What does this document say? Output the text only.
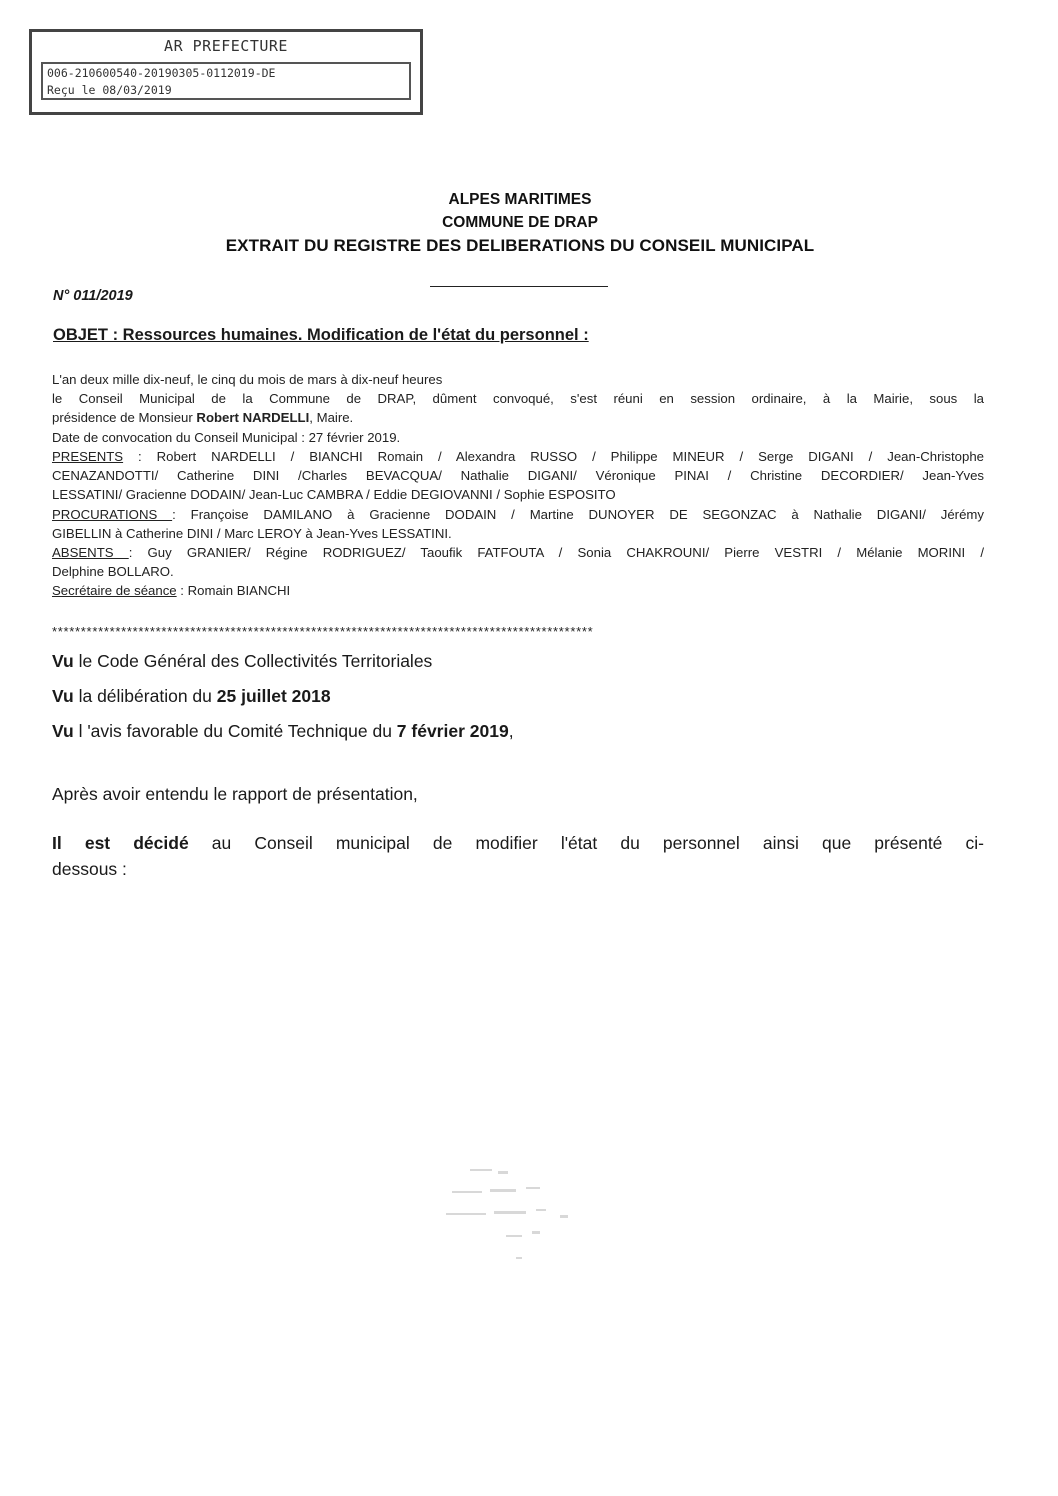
AR PREFECTURE
006-210600540-20190305-0112019-DE
Reçu le 08/03/2019
ALPES MARITIMES
COMMUNE DE DRAP
EXTRAIT DU REGISTRE DES DELIBERATIONS DU CONSEIL MUNICIPAL
N° 011/2019
OBJET : Ressources humaines. Modification de l'état du personnel :
L'an deux mille dix-neuf, le cinq du mois de mars à dix-neuf heures
le Conseil Municipal de la Commune de DRAP, dûment convoqué, s'est réuni en session ordinaire, à la Mairie, sous la
présidence de Monsieur Robert NARDELLI, Maire.
Date de convocation du Conseil Municipal : 27 février 2019.
PRESENTS : Robert NARDELLI / BIANCHI Romain / Alexandra RUSSO / Philippe MINEUR / Serge DIGANI / Jean-Christophe
CENAZANDOTTI/ Catherine DINI /Charles BEVACQUA/ Nathalie DIGANI/ Véronique PINAI / Christine DECORDIER/ Jean-Yves
LESSATINI/ Gracienne DODAIN/ Jean-Luc CAMBRA / Eddie DEGIOVANNI / Sophie ESPOSITO
PROCURATIONS : Françoise DAMILANO à Gracienne DODAIN / Martine DUNOYER DE SEGONZAC à Nathalie DIGANI/ Jérémy
GIBELLIN à Catherine DINI / Marc LEROY à Jean-Yves LESSATINI.
ABSENTS : Guy GRANIER/ Régine RODRIGUEZ/ Taoufik FATFOUTA / Sonia CHAKROUNI/ Pierre VESTRI / Mélanie MORINI /
Delphine BOLLARO.
Secrétaire de séance : Romain BIANCHI
**********************************************************************************************
Vu le Code Général des Collectivités Territoriales
Vu la délibération du 25 juillet 2018
Vu l 'avis favorable du Comité Technique du 7 février 2019,
Après avoir entendu le rapport de présentation,
Il est décidé au Conseil municipal de modifier l'état du personnel ainsi que présenté ci-
dessous :
